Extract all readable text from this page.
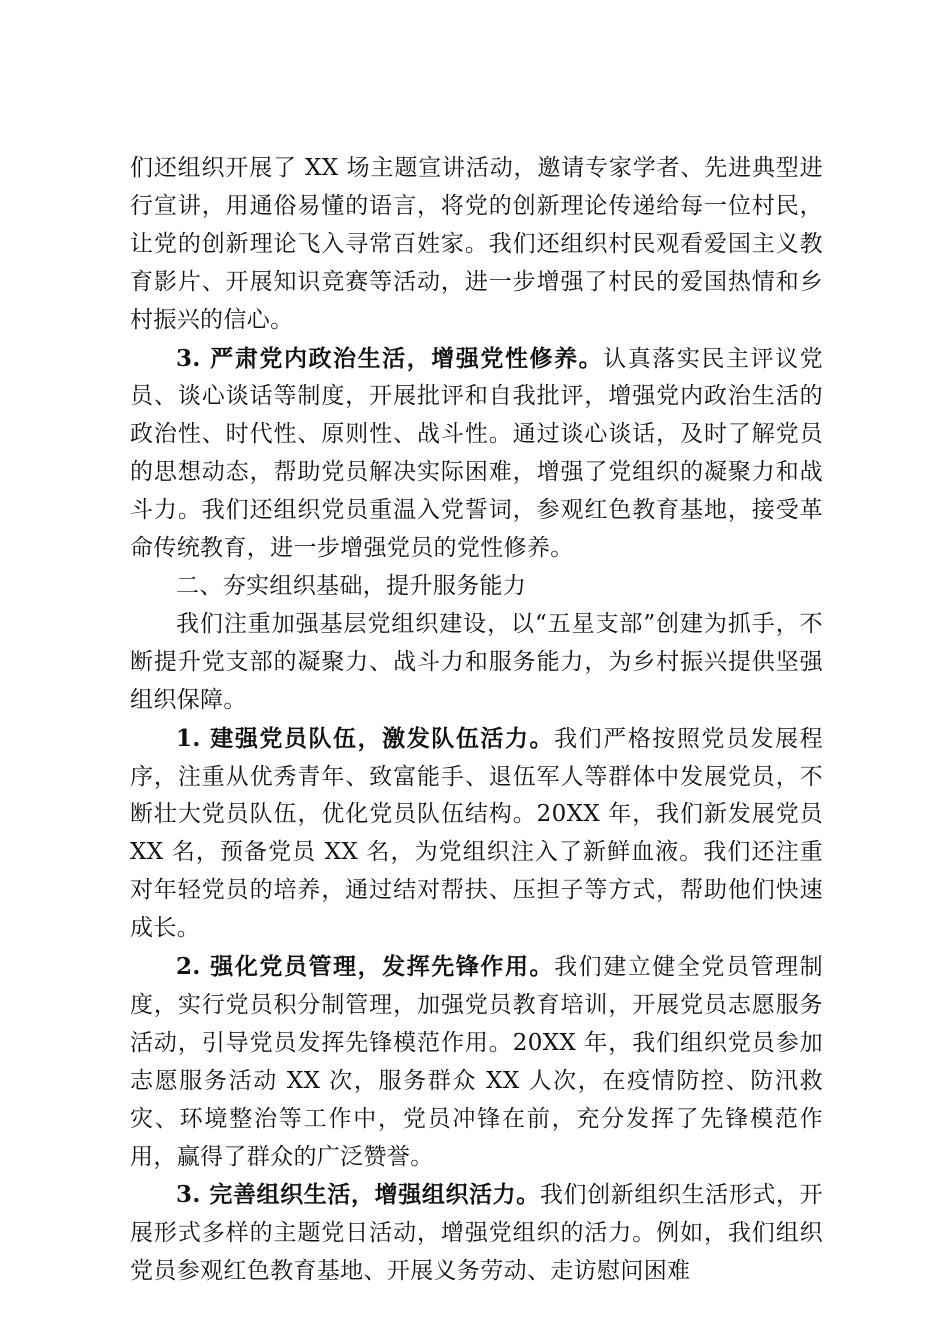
们还组织开展了 XX 场主题宣讲活动，邀请专家学者、先进典型进行宣讲，用通俗易懂的语言，将党的创新理论传递给每一位村民，让党的创新理论飞入寻常百姓家。我们还组织村民观看爱国主义教育影片、开展知识竞赛等活动，进一步增强了村民的爱国热情和乡村振兴的信心。

3. 严肃党内政治生活，增强党性修养。认真落实民主评议党员、谈心谈话等制度，开展批评和自我批评，增强党内政治生活的政治性、时代性、原则性、战斗性。通过谈心谈话，及时了解党员的思想动态，帮助党员解决实际困难，增强了党组织的凝聚力和战斗力。我们还组织党员重温入党誓词，参观红色教育基地，接受革命传统教育，进一步增强党员的党性修养。

二、夯实组织基础，提升服务能力

我们注重加强基层党组织建设，以“五星支部”创建为抓手，不断提升党支部的凝聚力、战斗力和服务能力，为乡村振兴提供坚强组织保障。

1. 建强党员队伍，激发队伍活力。我们严格按照党员发展程序，注重从优秀青年、致富能手、退伍军人等群体中发展党员，不断壮大党员队伍，优化党员队伍结构。20XX 年，我们新发展党员 XX 名，预备党员 XX 名，为党组织注入了新鲜血液。我们还注重对年轻党员的培养，通过结对帮扶、压担子等方式，帮助他们快速成长。

2. 强化党员管理，发挥先锋作用。我们建立健全党员管理制度，实行党员积分制管理，加强党员教育培训，开展党员志愿服务活动，引导党员发挥先锋模范作用。20XX 年，我们组织党员参加志愿服务活动 XX 次，服务群众 XX 人次，在疫情防控、防汛救灾、环境整治等工作中，党员冲锋在前，充分发挥了先锋模范作用，赢得了群众的广泛赞誉。

3. 完善组织生活，增强组织活力。我们创新组织生活形式，开展形式多样的主题党日活动，增强党组织的活力。例如，我们组织党员参观红色教育基地、开展义务劳动、走访慰问困难
